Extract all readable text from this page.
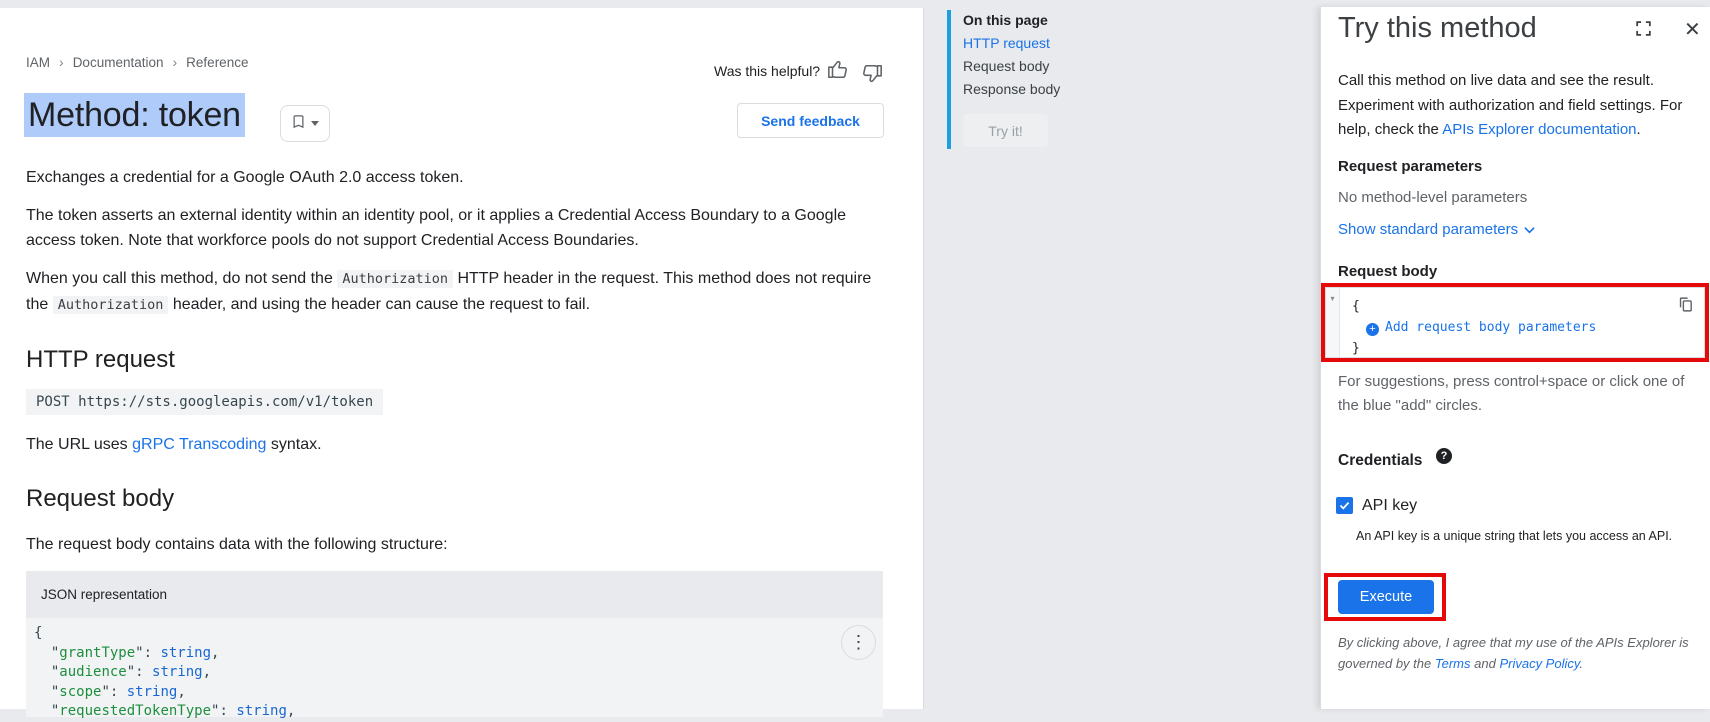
IAM › Documentation › Reference
Was this helpful?
Method: token	Send feedback

Exchanges a credential for a Google OAuth 2.0 access token.

The token asserts an external identity within an identity pool, or it applies a Credential Access Boundary to a Google access token. Note that workforce pools do not support Credential Access Boundaries.

When you call this method, do not send the Authorization HTTP header in the request. This method does not require the Authorization header, and using the header can cause the request to fail.

HTTP request
POST https://sts.googleapis.com/v1/token

The URL uses gRPC Transcoding syntax.

Request body

The request body contains data with the following structure:

JSON representation
{
"grantType": string,
"audience": string,
"scope": string,
"requestedTokenType": string,
⋮
On this page
HTTP request
Request body
Response body
Try it!
Try this method	✕

Call this method on live data and see the result. Experiment with authorization and field settings. For help, check the APIs Explorer documentation.

Request parameters
No method-level parameters
Show standard parameters
Request body
▾
{
+ Add request body parameters
}

For suggestions, press control+space or click one of the blue "add" circles.

Credentials	?
API key
An API key is a unique string that lets you access an API.
Execute

By clicking above, I agree that my use of the APIs Explorer is governed by the Terms and Privacy Policy.
